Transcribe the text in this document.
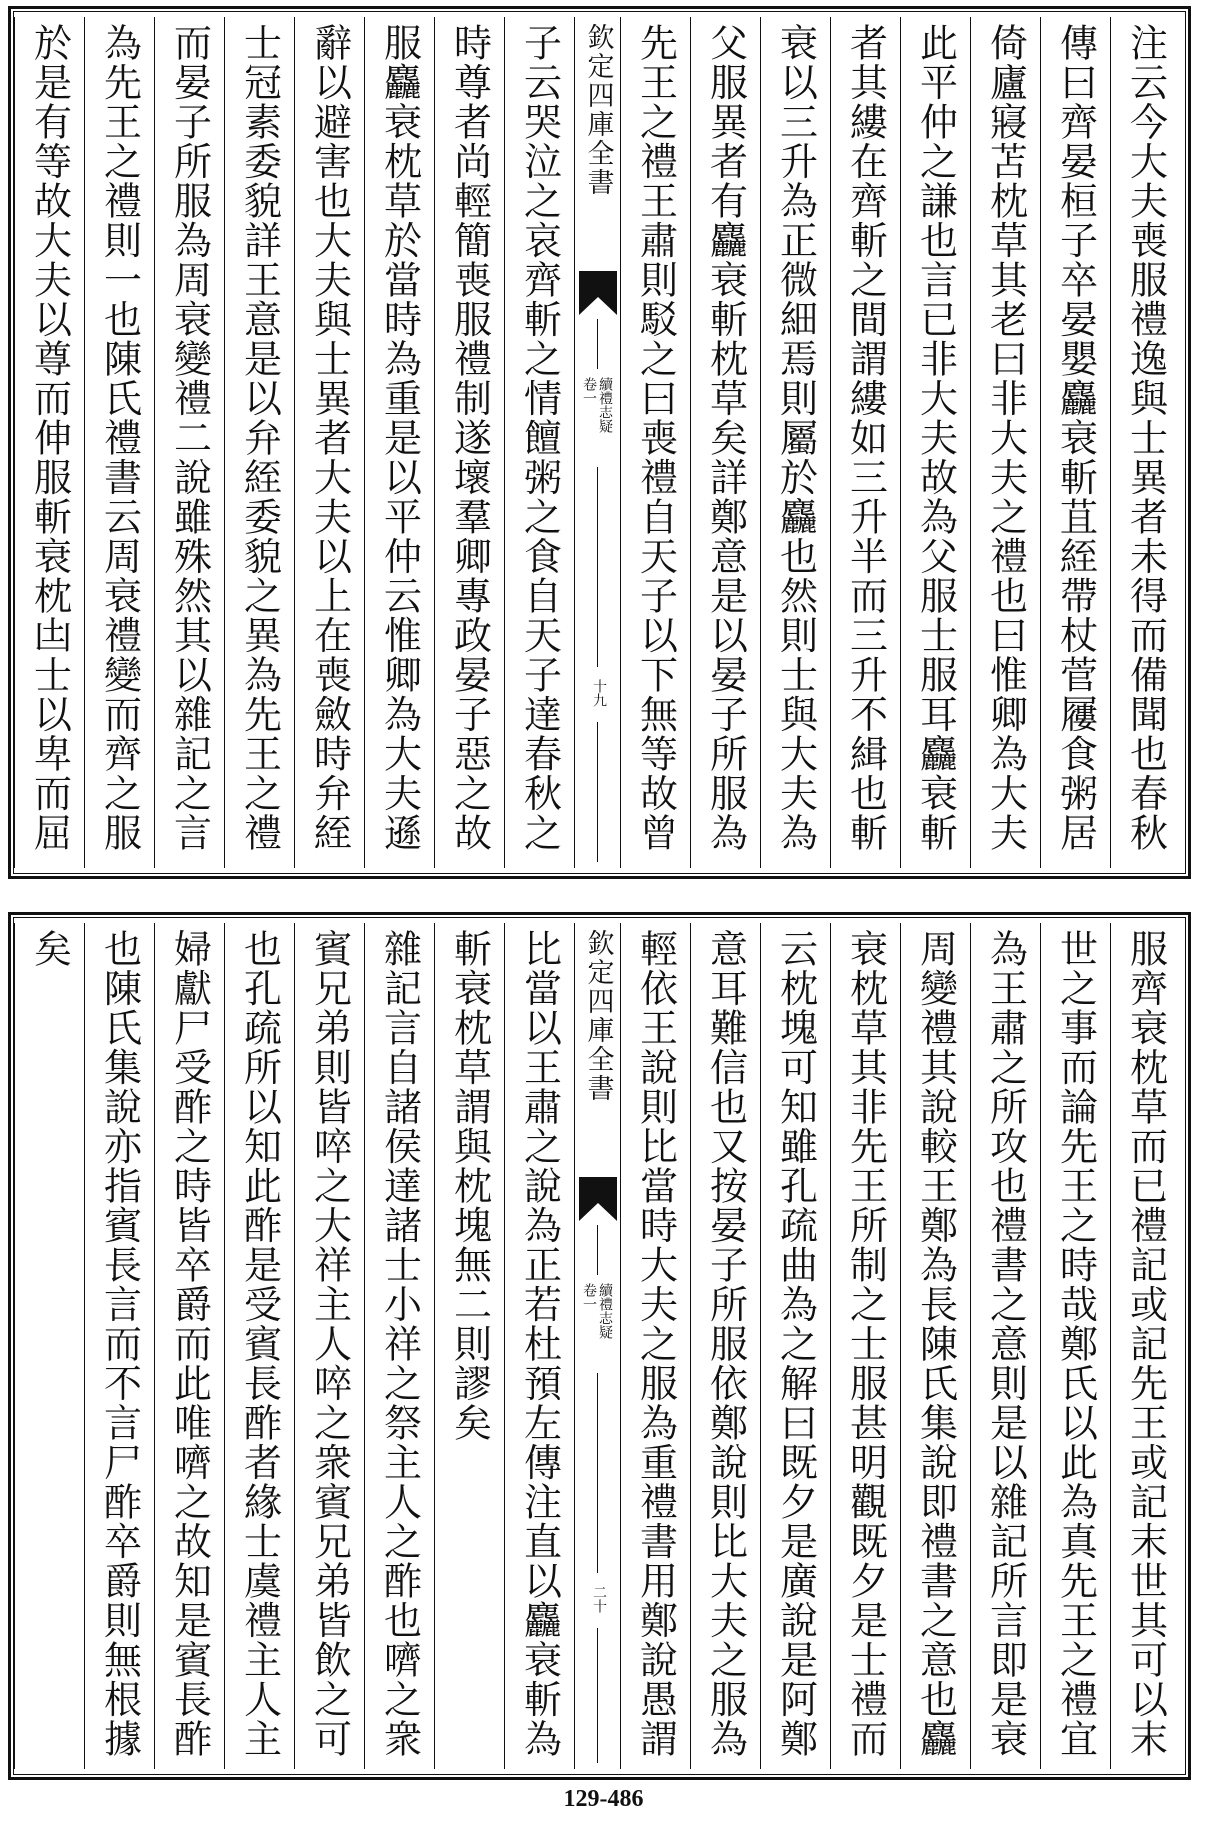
注云今大夫喪服禮逸與士異者未得而備聞也春秋
傳曰齊晏桓子卒晏嬰麤衰斬苴絰帶杖菅屨食粥居
倚廬寢苫枕草其老曰非大夫之禮也曰惟卿為大夫
此平仲之謙也言已非大夫故為父服士服耳麤衰斬
者其縷在齊斬之間謂縷如三升半而三升不緝也斬
衰以三升為正微細焉則屬於麤也然則士與大夫為
父服異者有麤衰斬枕草矣詳鄭意是以晏子所服為
先王之禮王肅則駁之曰喪禮自天子以下無等故曾
欽定四庫全書
續禮志疑
卷一
十九
子云哭泣之哀齊斬之情饘粥之食自天子達春秋之
時尊者尚輕簡喪服禮制遂壞羣卿專政晏子惡之故
服麤衰枕草於當時為重是以平仲云惟卿為大夫遜
辭以避害也大夫與士異者大夫以上在喪斂時弁絰
士冠素委貌詳王意是以弁絰委貌之異為先王之禮
而晏子所服為周衰變禮二說雖殊然其以雜記之言
為先王之禮則一也陳氏禮書云周衰禮變而齊之服
於是有等故大夫以尊而伸服斬衰枕凷士以卑而屈
服齊衰枕草而已禮記或記先王或記末世其可以末
世之事而論先王之時哉鄭氏以此為真先王之禮宜
為王肅之所攻也禮書之意則是以雜記所言即是衰
周變禮其說較王鄭為長陳氏集說即禮書之意也麤
衰枕草其非先王所制之士服甚明觀既夕是士禮而
云枕塊可知雖孔疏曲為之解曰既夕是廣說是阿鄭
意耳難信也又按晏子所服依鄭說則比大夫之服為
輕依王說則比當時大夫之服為重禮書用鄭說愚謂
欽定四庫全書
續禮志疑
卷一
二十
比當以王肅之說為正若杜預左傳注直以麤衰斬為
斬衰枕草謂與枕塊無二則謬矣
雜記言自諸侯達諸士小祥之祭主人之酢也嚌之衆
賓兄弟則皆啐之大祥主人啐之衆賓兄弟皆飲之可
也孔疏所以知此酢是受賓長酢者緣士虞禮主人主
婦獻尸受酢之時皆卒爵而此唯嚌之故知是賓長酢
也陳氏集說亦指賓長言而不言尸酢卒爵則無根據
矣
129-486
